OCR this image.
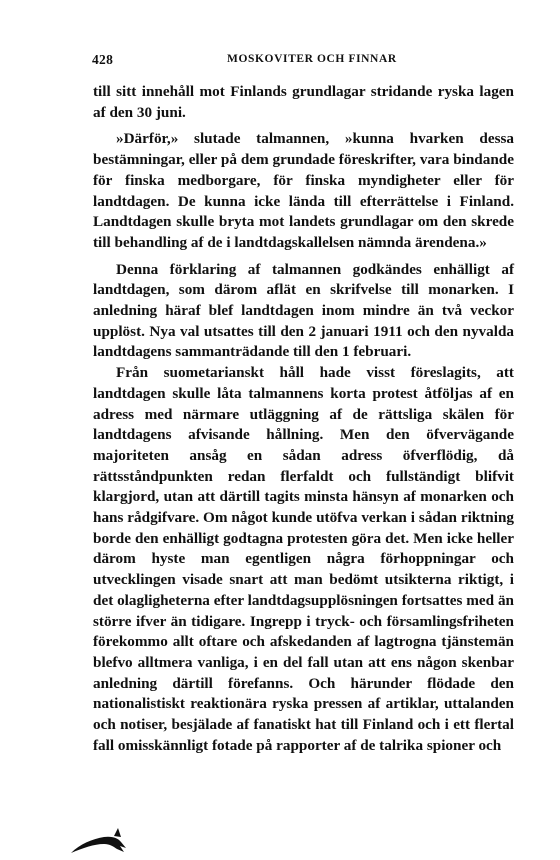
428	MOSKOVITER OCH FINNAR

till sitt innehåll mot Finlands grundlagar stridande ryska lagen af den 30 juni.

»Därför,» slutade talmannen, »kunna hvarken dessa bestämningar, eller på dem grundade föreskrifter, vara bindande för finska medborgare, för finska myndigheter eller för landtdagen. De kunna icke lända till efterrättelse i Finland. Landtdagen skulle bryta mot landets grundlagar om den skrede till behandling af de i landtdagskallelsen nämnda ärendena.»

Denna förklaring af talmannen godkändes enhälligt af landtdagen, som därom aflät en skrifvelse till monarken. I anledning häraf blef landtdagen inom mindre än två veckor upplöst. Nya val utsattes till den 2 januari 1911 och den nyvalda landtdagens sammanträdande till den 1 februari.

Från suometarianskt håll hade visst föreslagits, att landtdagen skulle låta talmannens korta protest åtföljas af en adress med närmare utläggning af de rättsliga skälen för landtdagens afvisande hållning. Men den öfvervägande majoriteten ansåg en sådan adress öfverflödig, då rättsståndpunkten redan flerfaldt och fullständigt blifvit klargjord, utan att därtill tagits minsta hänsyn af monarken och hans rådgifvare. Om något kunde utöfva verkan i sådan riktning borde den enhälligt godtagna protesten göra det. Men icke heller därom hyste man egentligen några förhoppningar och utvecklingen visade snart att man bedömt utsikterna riktigt, i det olagligheterna efter landtdagsupplösningen fortsattes med än större ifver än tidigare. Ingrepp i tryck- och församlingsfriheten förekommo allt oftare och afskedanden af lagtrogna tjänstemän blefvo alltmera vanliga, i en del fall utan att ens någon skenbar anledning därtill förefanns. Och härunder flödade den nationalistiskt reaktionära ryska pressen af artiklar, uttalanden och notiser, besjälade af fanatiskt hat till Finland och i ett flertal fall omisskännligt fotade på rapporter af de talrika spioner och
